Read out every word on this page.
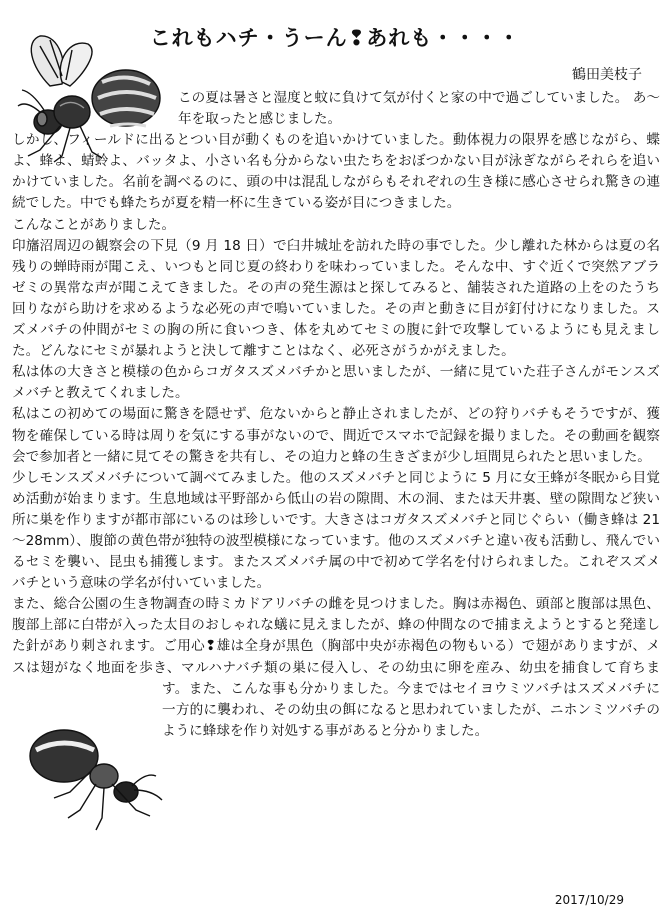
これもハチ・うーん❢あれも・・・・

鶴田美枝子

この夏は暑さと湿度と蚊に負けて気が付くと家の中で過ごしていました。 あ～年を取ったと感じました。

しかし、フィールドに出るとつい目が動くものを追いかけていました。動体視力の限界を感じながら、蝶よ、蜂よ、蜻蛉よ、バッタよ、小さい名も分からない虫たちをおぼつかない目が泳ぎながらそれらを追いかけていました。名前を調べるのに、頭の中は混乱しながらもそれぞれの生き様に感心させられ驚きの連続でした。中でも蜂たちが夏を精一杯に生きている姿が目につきました。

こんなことがありました。

印旛沼周辺の観察会の下見（9 月 18 日）で臼井城址を訪れた時の事でした。少し離れた林からは夏の名残りの蝉時雨が聞こえ、いつもと同じ夏の終わりを味わっていました。そんな中、すぐ近くで突然アブラゼミの異常な声が聞こえてきました。その声の発生源はと探してみると、舗装された道路の上をのたうち回りながら助けを求めるような必死の声で鳴いていました。その声と動きに目が釘付けになりました。スズメバチの仲間がセミの胸の所に食いつき、体を丸めてセミの腹に針で攻撃しているようにも見えました。どんなにセミが暴れようと決して離すことはなく、必死さがうかがえました。

私は体の大きさと模様の色からコガタスズメバチかと思いましたが、一緒に見ていた荘子さんがモンスズメバチと教えてくれました。

私はこの初めての場面に驚きを隠せず、危ないからと静止されましたが、どの狩りバチもそうですが、獲物を確保している時は周りを気にする事がないので、間近でスマホで記録を撮りました。その動画を観察会で参加者と一緒に見てその驚きを共有し、その迫力と蜂の生きざまが少し垣間見られたと思いました。

少しモンスズメバチについて調べてみました。他のスズメバチと同じように 5 月に女王蜂が冬眠から目覚め活動が始まります。生息地域は平野部から低山の岩の隙間、木の洞、または天井裏、壁の隙間など狭い所に巣を作りますが都市部にいるのは珍しいです。大きさはコガタスズメバチと同じぐらい（働き蜂は 21～28mm）、腹節の黄色帯が独特の波型模様になっています。他のスズメバチと違い夜も活動し、飛んでいるセミを襲い、昆虫も捕獲します。またスズメバチ属の中で初めて学名を付けられました。これぞスズメバチという意味の学名が付いていました。

また、総合公園の生き物調査の時ミカドアリバチの雌を見つけました。胸は赤褐色、頭部と腹部は黒色、腹部上部に白帯が入った太目のおしゃれな蟻に見えましたが、蜂の仲間なので捕まえようとすると発達した針があり刺されます。ご用心❢雄は全身が黒色（胸部中央が赤褐色の物もいる）で翅がありますが、メスは翅がなく地面を歩き、マルハナバチ類の巣に侵入し、その幼虫に卵を産み、幼虫を捕食して育ちます。また、こんな事も分かりました。今まではセイヨウミツバチはスズメバチに一方的に襲われ、その幼虫の餌になると思われていましたが、ニホンミツバチのように蜂球を作り対処する事があると分かりました。

2017/10/29
